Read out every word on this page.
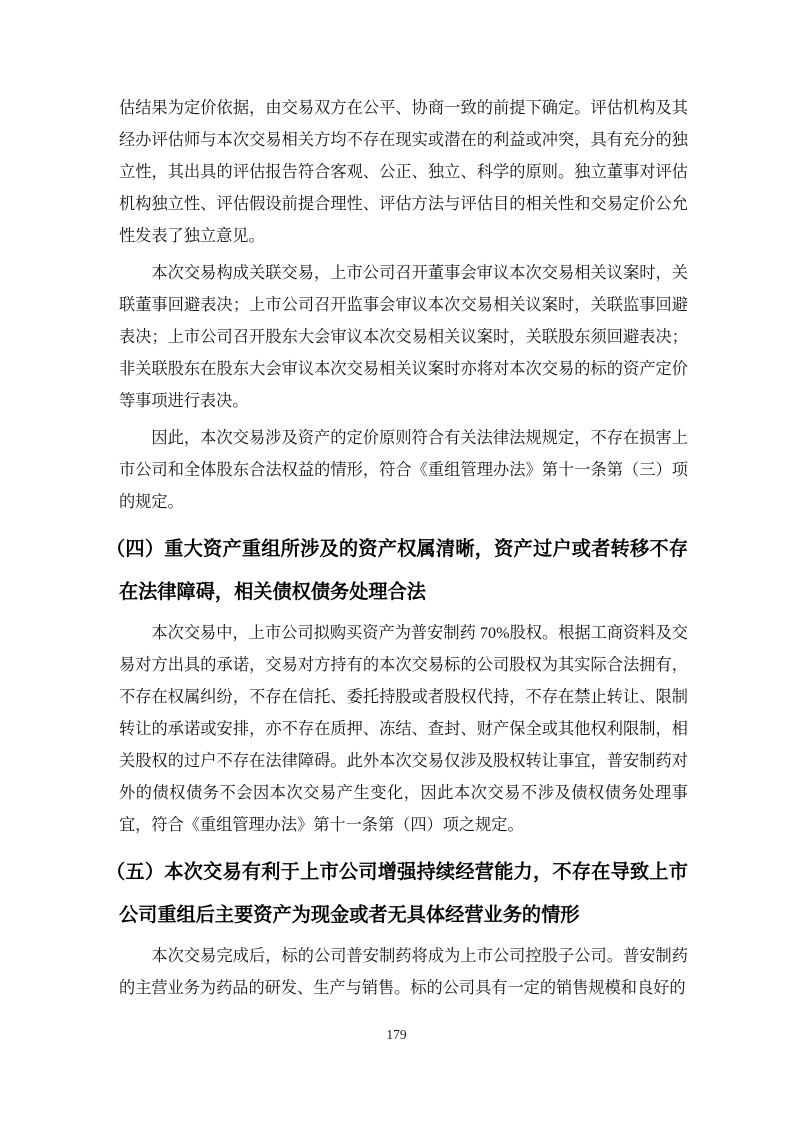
估结果为定价依据，由交易双方在公平、协商一致的前提下确定。评估机构及其经办评估师与本次交易相关方均不存在现实或潜在的利益或冲突，具有充分的独立性，其出具的评估报告符合客观、公正、独立、科学的原则。独立董事对评估机构独立性、评估假设前提合理性、评估方法与评估目的相关性和交易定价公允性发表了独立意见。

本次交易构成关联交易，上市公司召开董事会审议本次交易相关议案时，关联董事回避表决；上市公司召开监事会审议本次交易相关议案时，关联监事回避表决；上市公司召开股东大会审议本次交易相关议案时，关联股东须回避表决；非关联股东在股东大会审议本次交易相关议案时亦将对本次交易的标的资产定价等事项进行表决。

因此，本次交易涉及资产的定价原则符合有关法律法规规定，不存在损害上市公司和全体股东合法权益的情形，符合《重组管理办法》第十一条第（三）项的规定。

（四）重大资产重组所涉及的资产权属清晰，资产过户或者转移不存在法律障碍，相关债权债务处理合法

本次交易中，上市公司拟购买资产为普安制药 70%股权。根据工商资料及交易对方出具的承诺，交易对方持有的本次交易标的公司股权为其实际合法拥有，不存在权属纠纷，不存在信托、委托持股或者股权代持，不存在禁止转让、限制转让的承诺或安排，亦不存在质押、冻结、查封、财产保全或其他权利限制，相关股权的过户不存在法律障碍。此外本次交易仅涉及股权转让事宜，普安制药对外的债权债务不会因本次交易产生变化，因此本次交易不涉及债权债务处理事宜，符合《重组管理办法》第十一条第（四）项之规定。

（五）本次交易有利于上市公司增强持续经营能力，不存在导致上市公司重组后主要资产为现金或者无具体经营业务的情形

本次交易完成后，标的公司普安制药将成为上市公司控股子公司。普安制药的主营业务为药品的研发、生产与销售。标的公司具有一定的销售规模和良好的

179
